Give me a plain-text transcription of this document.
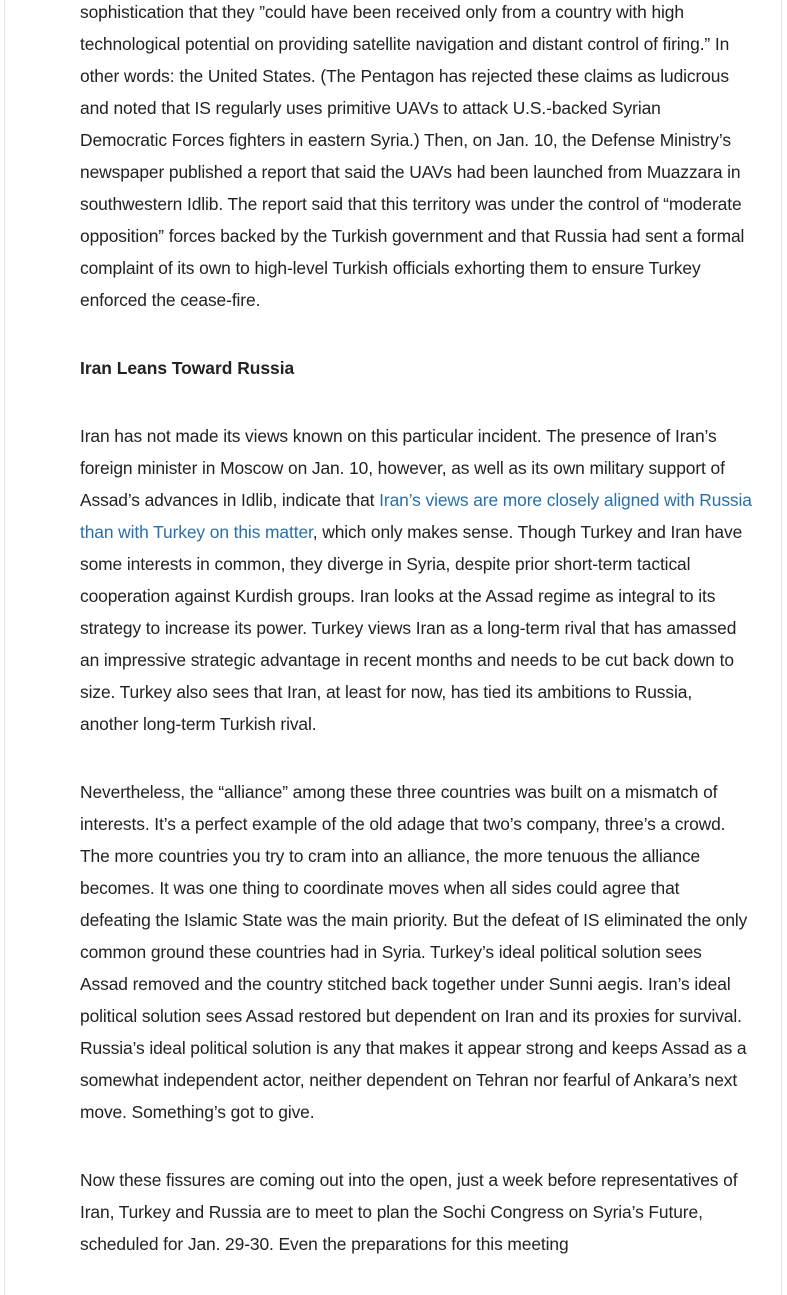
sophistication that they ”could have been received only from a country with high technological potential on providing satellite navigation and distant control of firing.” In other words: the United States. (The Pentagon has rejected these claims as ludicrous and noted that IS regularly uses primitive UAVs to attack U.S.-backed Syrian Democratic Forces fighters in eastern Syria.) Then, on Jan. 10, the Defense Ministry’s newspaper published a report that said the UAVs had been launched from Muazzara in southwestern Idlib. The report said that this territory was under the control of “moderate opposition” forces backed by the Turkish government and that Russia had sent a formal complaint of its own to high-level Turkish officials exhorting them to ensure Turkey enforced the cease-fire.

Iran Leans Toward Russia

Iran has not made its views known on this particular incident. The presence of Iran’s foreign minister in Moscow on Jan. 10, however, as well as its own military support of Assad’s advances in Idlib, indicate that Iran’s views are more closely aligned with Russia than with Turkey on this matter, which only makes sense. Though Turkey and Iran have some interests in common, they diverge in Syria, despite prior short-term tactical cooperation against Kurdish groups. Iran looks at the Assad regime as integral to its strategy to increase its power. Turkey views Iran as a long-term rival that has amassed an impressive strategic advantage in recent months and needs to be cut back down to size. Turkey also sees that Iran, at least for now, has tied its ambitions to Russia, another long-term Turkish rival.

Nevertheless, the “alliance” among these three countries was built on a mismatch of interests. It’s a perfect example of the old adage that two’s company, three’s a crowd. The more countries you try to cram into an alliance, the more tenuous the alliance becomes. It was one thing to coordinate moves when all sides could agree that defeating the Islamic State was the main priority. But the defeat of IS eliminated the only common ground these countries had in Syria. Turkey’s ideal political solution sees Assad removed and the country stitched back together under Sunni aegis. Iran’s ideal political solution sees Assad restored but dependent on Iran and its proxies for survival. Russia’s ideal political solution is any that makes it appear strong and keeps Assad as a somewhat independent actor, neither dependent on Tehran nor fearful of Ankara’s next move. Something’s got to give.

Now these fissures are coming out into the open, just a week before representatives of Iran, Turkey and Russia are to meet to plan the Sochi Congress on Syria’s Future, scheduled for Jan. 29-30. Even the preparations for this meeting
